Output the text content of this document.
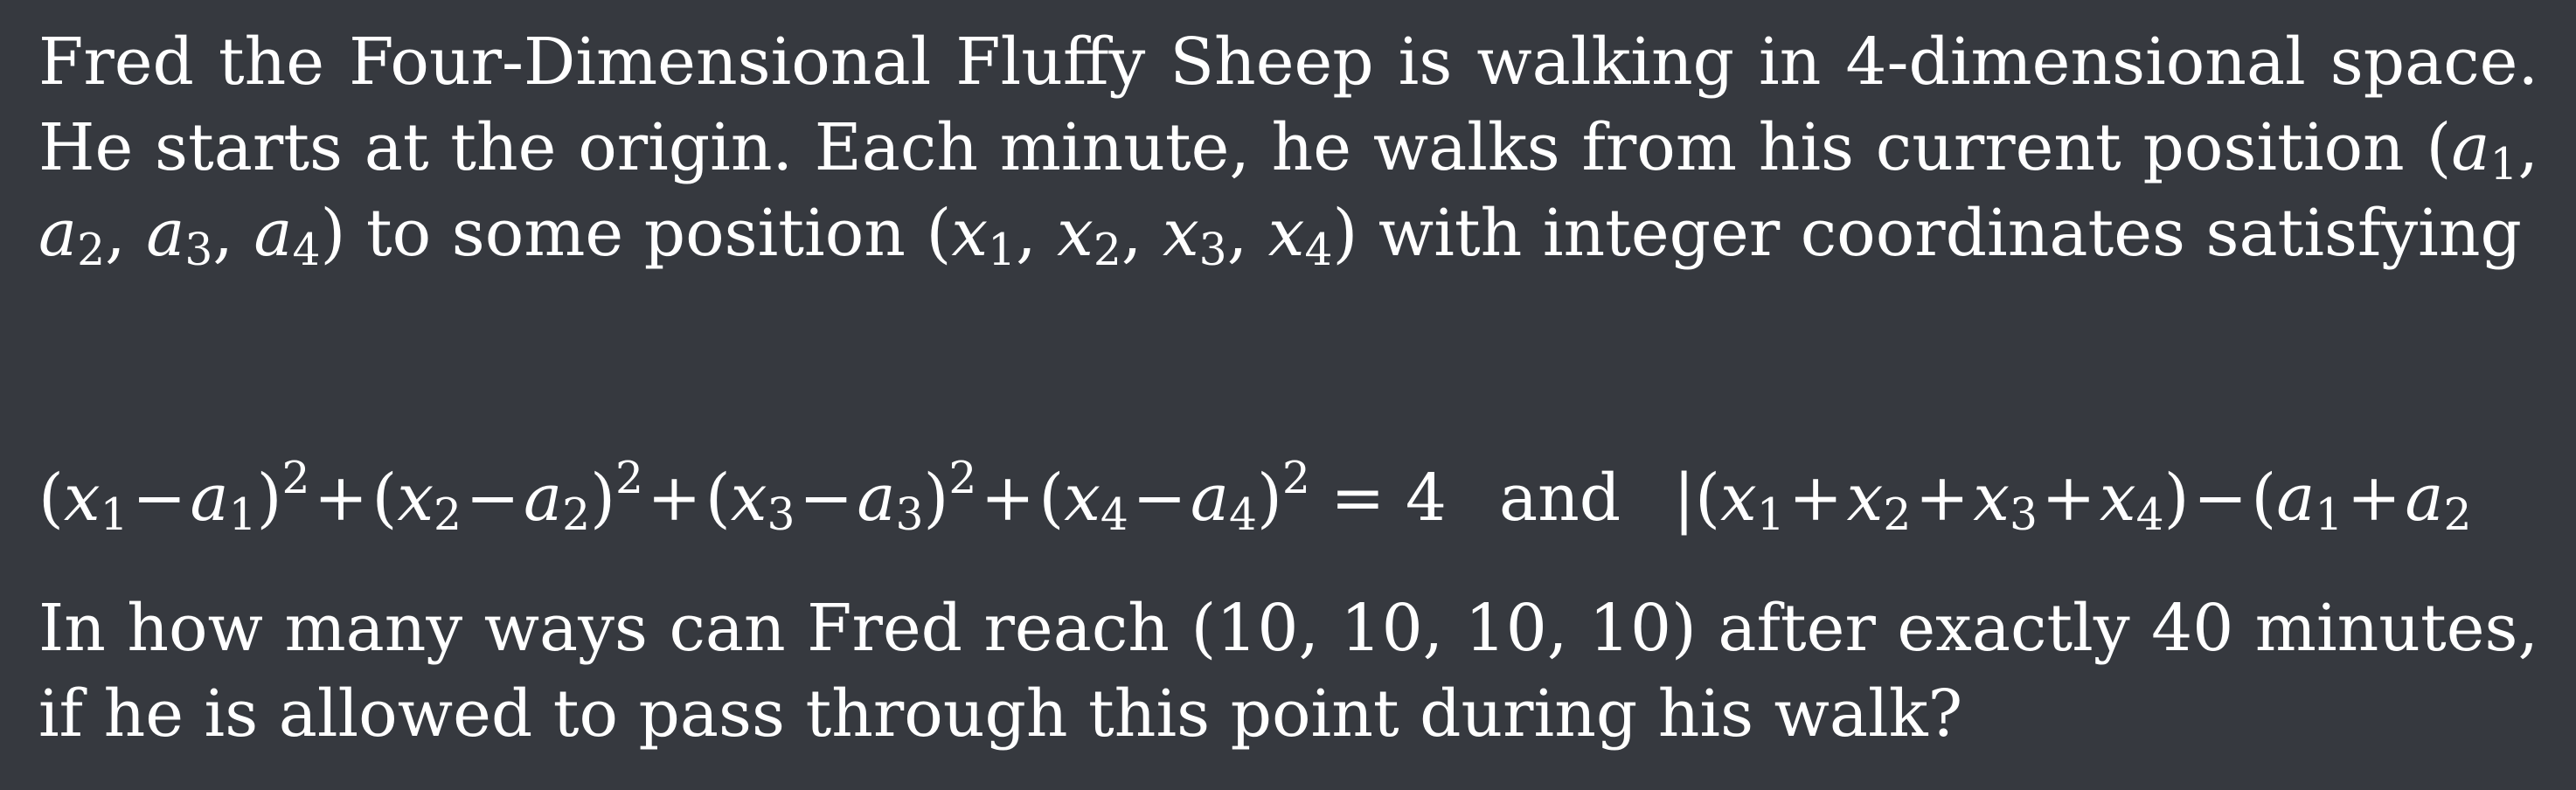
Fred the Four-Dimensional Fluffy Sheep is walking in 4-dimensional space. He starts at the origin. Each minute, he walks from his current position ($a_1$, $a_2$, $a_3$, $a_4$) to some position ($x_1$, $x_2$, $x_3$, $x_4$) with integer coordinates satisfying

$(x_1-a_1)^2+(x_2-a_2)^2+(x_3-a_3)^2+(x_4-a_4)^2 = 4$ and $|(x_1+x_2+x_3+x_4)-(a_1+a_2$

In how many ways can Fred reach (10, 10, 10, 10) after exactly 40 minutes, if he is allowed to pass through this point during his walk?
